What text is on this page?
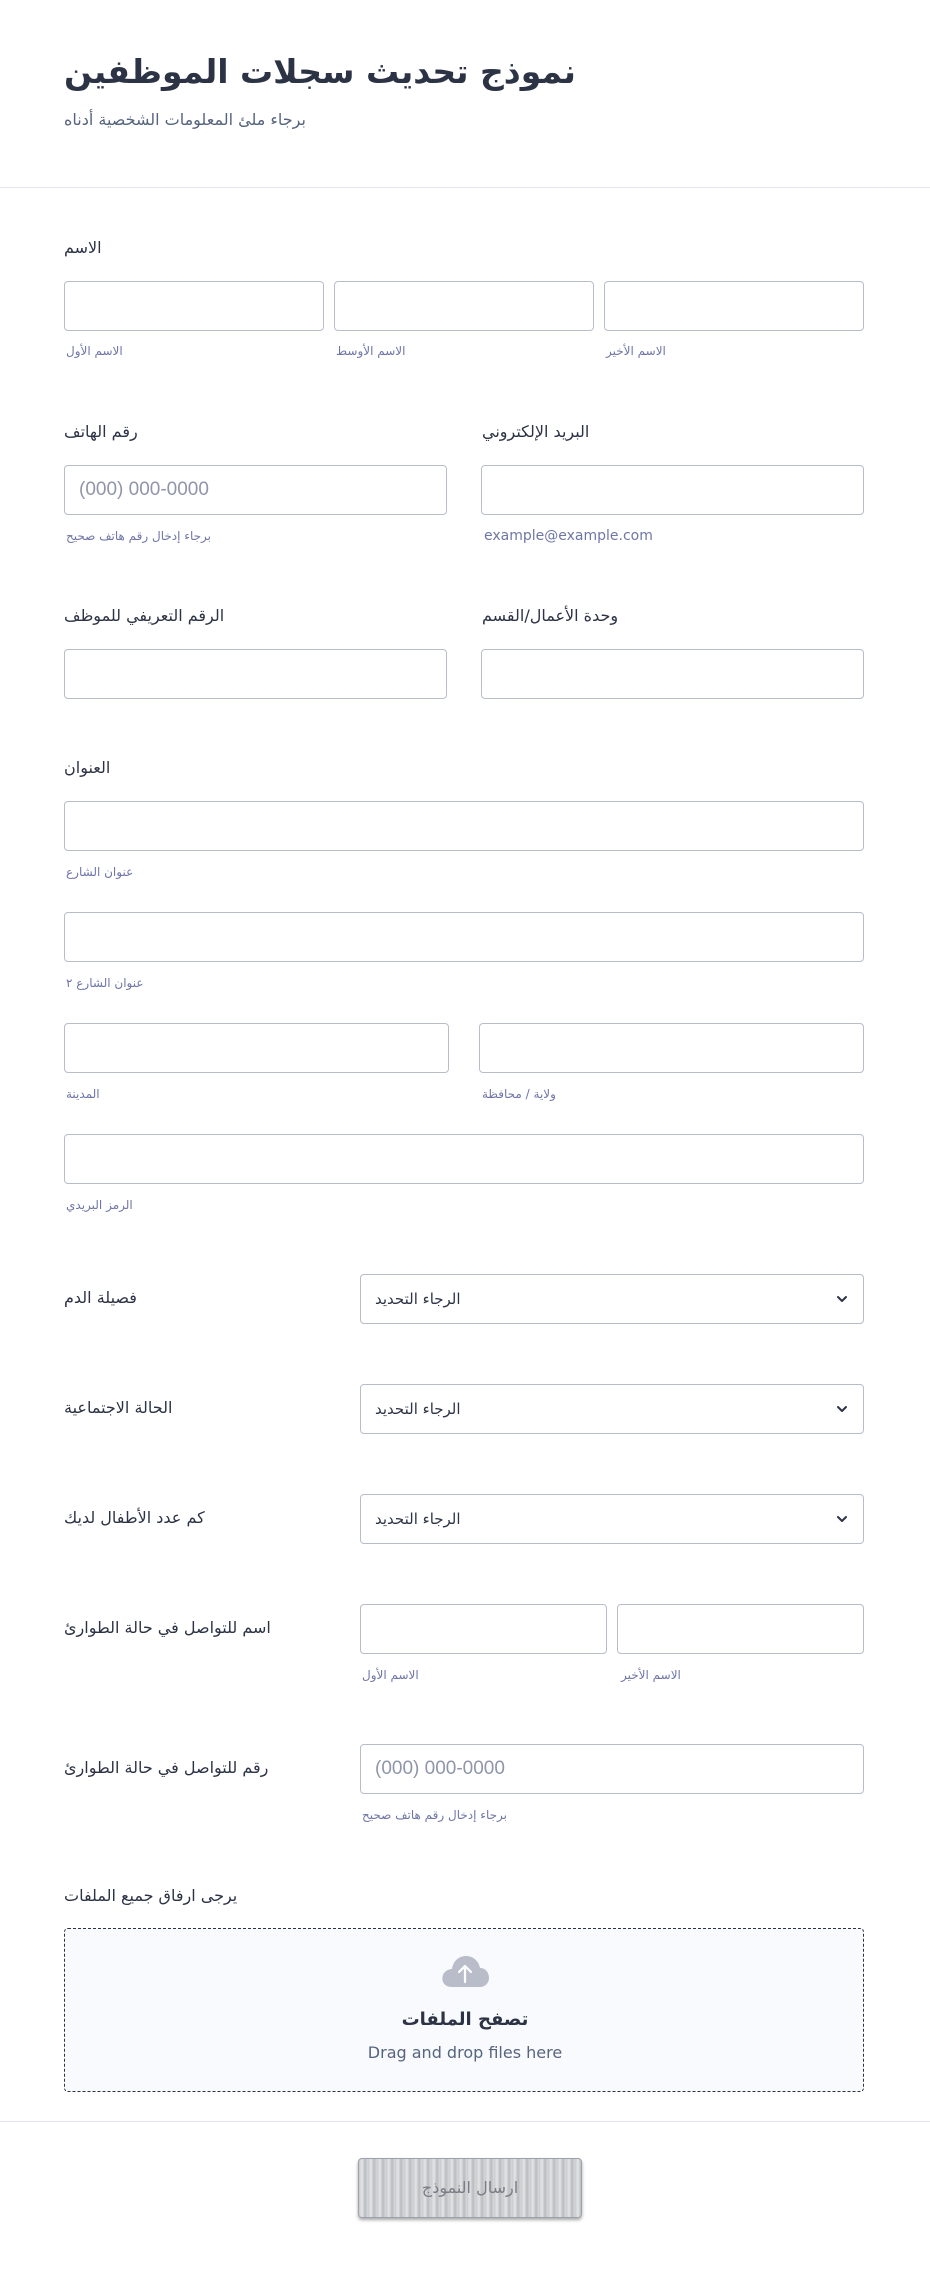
نموذج تحديث سجلات الموظفين
برجاء ملئ المعلومات الشخصية أدناه
الاسم
الاسم الأول	الاسم الأوسط	الاسم الأخير
رقم الهاتف
(000) 000-0000
برجاء إدخال رقم هاتف صحيح
البريد الإلكتروني
example@example.com
الرقم التعريفي للموظف	وحدة الأعمال/القسم
العنوان
عنوان الشارع
عنوان الشارع ٢
المدينة	ولاية / محافظة
الرمز البريدي
فصيلة الدم	الرجاء التحديد
الحالة الاجتماعية	الرجاء التحديد
كم عدد الأطفال لديك	الرجاء التحديد
اسم للتواصل في حالة الطوارئ
الاسم الأول	الاسم الأخير
رقم للتواصل في حالة الطوارئ	(000) 000-0000
برجاء إدخال رقم هاتف صحيح
يرجى ارفاق جميع الملفات
تصفح الملفات
Drag and drop files here
ارسال النموذج
